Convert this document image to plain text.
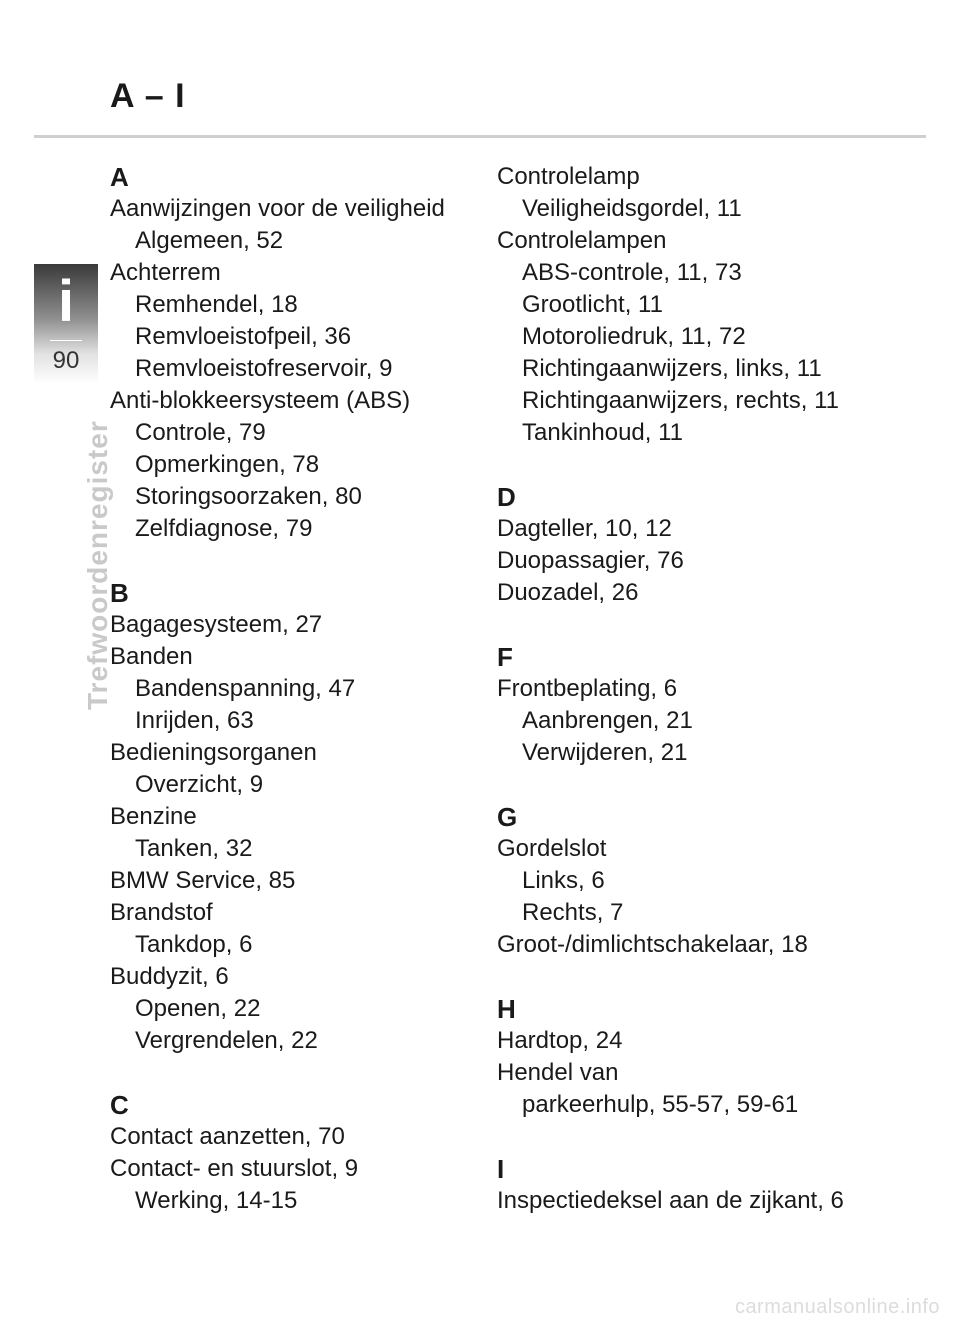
A – I
i
90
Trefwoordenregister
A
Aanwijzingen voor de veiligheid
Algemeen, 52
Achterrem
Remhendel, 18
Remvloeistofpeil, 36
Remvloeistofreservoir, 9
Anti-blokkeersysteem (ABS)
Controle, 79
Opmerkingen, 78
Storingsoorzaken, 80
Zelfdiagnose, 79
B
Bagagesysteem, 27
Banden
Bandenspanning, 47
Inrijden, 63
Bedieningsorganen
Overzicht, 9
Benzine
Tanken, 32
BMW Service, 85
Brandstof
Tankdop, 6
Buddyzit, 6
Openen, 22
Vergrendelen, 22
C
Contact aanzetten, 70
Contact- en stuurslot, 9
Werking, 14-15
Controlelamp
Veiligheidsgordel, 11
Controlelampen
ABS-controle, 11, 73
Grootlicht, 11
Motoroliedruk, 11, 72
Richtingaanwijzers, links, 11
Richtingaanwijzers, rechts, 11
Tankinhoud, 11
D
Dagteller, 10, 12
Duopassagier, 76
Duozadel, 26
F
Frontbeplating, 6
Aanbrengen, 21
Verwijderen, 21
G
Gordelslot
Links, 6
Rechts, 7
Groot-/dimlichtschakelaar, 18
H
Hardtop, 24
Hendel van
parkeerhulp, 55-57, 59-61
I
Inspectiedeksel aan de zijkant, 6
carmanualsonline.info
